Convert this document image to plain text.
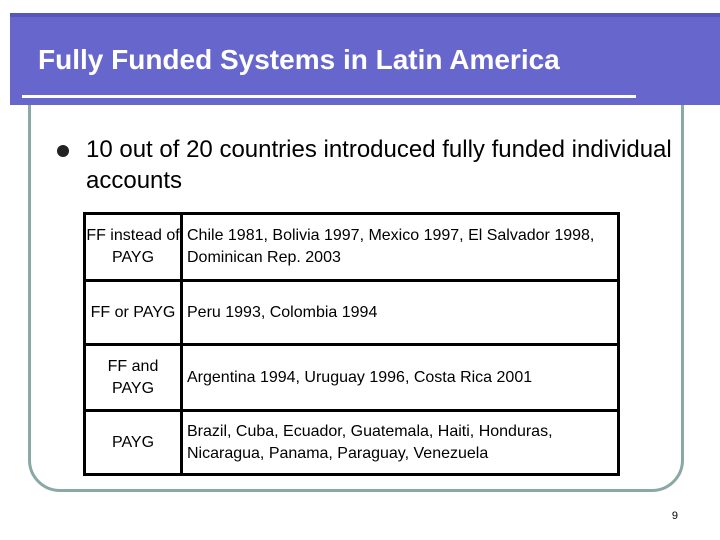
Fully Funded Systems in Latin America
10 out of 20 countries introduced fully funded individual accounts
FF instead of PAYG	Chile 1981, Bolivia 1997, Mexico 1997, El Salvador 1998, Dominican Rep. 2003
FF or PAYG	Peru 1993, Colombia 1994
FF and PAYG	Argentina 1994, Uruguay 1996, Costa Rica 2001
PAYG	Brazil, Cuba, Ecuador, Guatemala, Haiti, Honduras, Nicaragua, Panama, Paraguay, Venezuela
9
